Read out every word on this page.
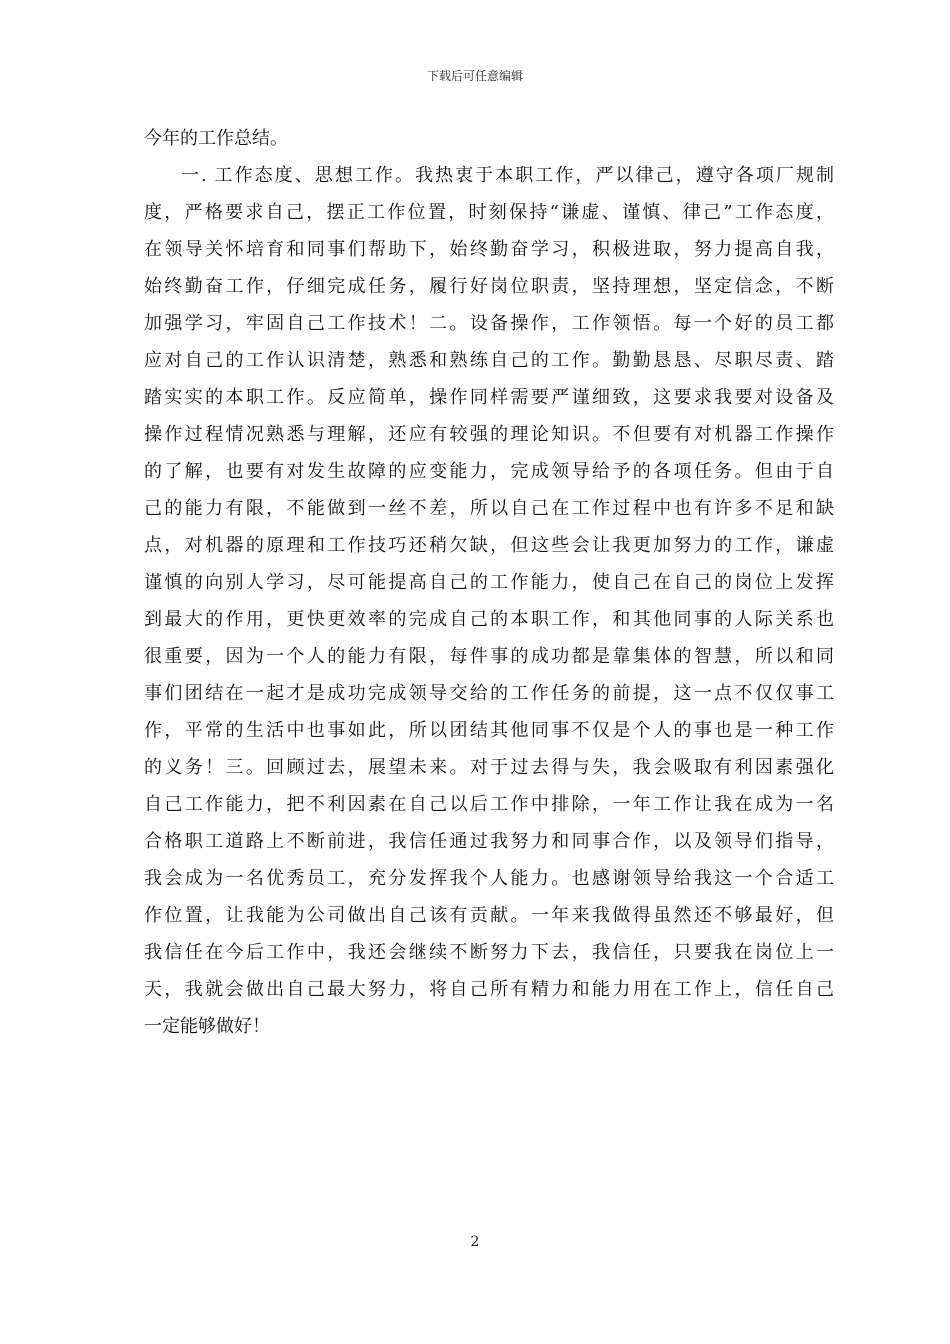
下载后可任意编辑
今年的工作总结。
一. 工作态度、思想工作。我热衷于本职工作，严以律己，遵守各项厂规制
度，严格要求自己，摆正工作位置，时刻保持“谦虚、谨慎、律己”工作态度，
在领导关怀培育和同事们帮助下，始终勤奋学习，积极进取，努力提高自我，
始终勤奋工作，仔细完成任务，履行好岗位职责，坚持理想，坚定信念，不断
加强学习，牢固自己工作技术！二。设备操作，工作领悟。每一个好的员工都
应对自己的工作认识清楚，熟悉和熟练自己的工作。勤勤恳恳、尽职尽责、踏
踏实实的本职工作。反应简单，操作同样需要严谨细致，这要求我要对设备及
操作过程情况熟悉与理解，还应有较强的理论知识。不但要有对机器工作操作
的了解，也要有对发生故障的应变能力，完成领导给予的各项任务。但由于自
己的能力有限，不能做到一丝不差，所以自己在工作过程中也有许多不足和缺
点，对机器的原理和工作技巧还稍欠缺，但这些会让我更加努力的工作，谦虚
谨慎的向别人学习，尽可能提高自己的工作能力，使自己在自己的岗位上发挥
到最大的作用，更快更效率的完成自己的本职工作，和其他同事的人际关系也
很重要，因为一个人的能力有限，每件事的成功都是靠集体的智慧，所以和同
事们团结在一起才是成功完成领导交给的工作任务的前提，这一点不仅仅事工
作，平常的生活中也事如此，所以团结其他同事不仅是个人的事也是一种工作
的义务！三。回顾过去，展望未来。对于过去得与失，我会吸取有利因素强化
自己工作能力，把不利因素在自己以后工作中排除，一年工作让我在成为一名
合格职工道路上不断前进，我信任通过我努力和同事合作，以及领导们指导，
我会成为一名优秀员工，充分发挥我个人能力。也感谢领导给我这一个合适工
作位置，让我能为公司做出自己该有贡献。一年来我做得虽然还不够最好，但
我信任在今后工作中，我还会继续不断努力下去，我信任，只要我在岗位上一
天，我就会做出自己最大努力，将自己所有精力和能力用在工作上，信任自己
一定能够做好！
2
